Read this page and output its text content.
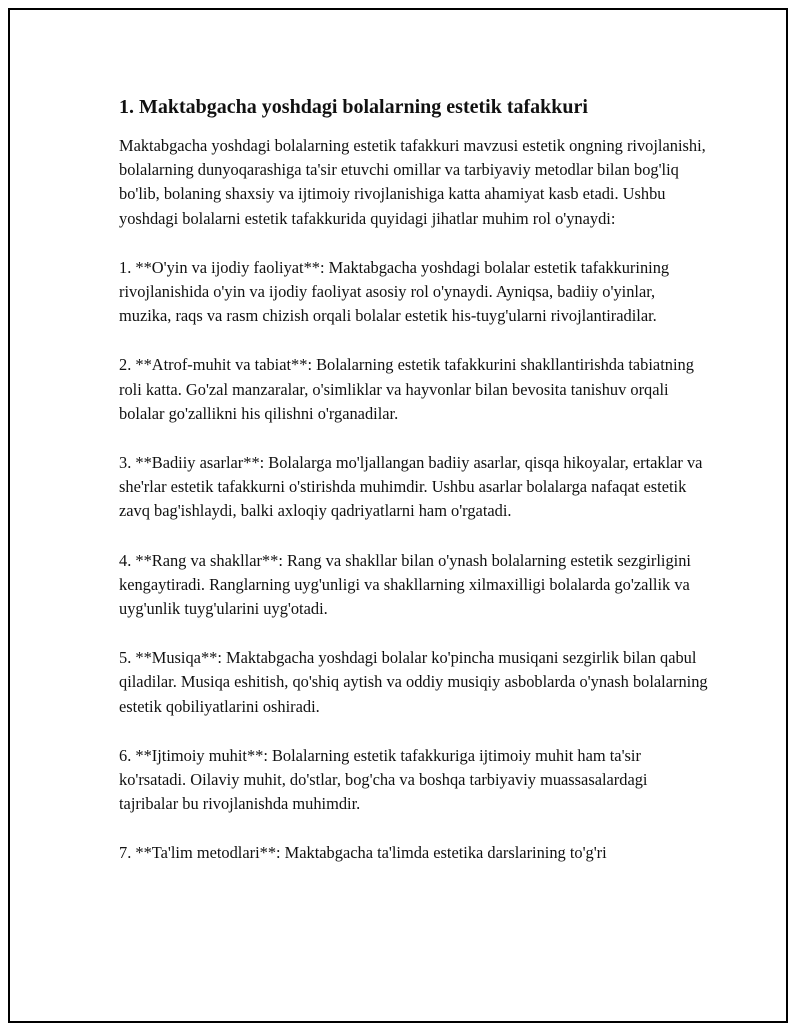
1. Maktabgacha yoshdagi bolalarning estetik tafakkuri

Maktabgacha yoshdagi bolalarning estetik tafakkuri mavzusi estetik ongning rivojlanishi, bolalarning dunyoqarashiga ta'sir etuvchi omillar va tarbiyaviy metodlar bilan bog'liq bo'lib, bolaning shaxsiy va ijtimoiy rivojlanishiga katta ahamiyat kasb etadi. Ushbu yoshdagi bolalarni estetik tafakkurida quyidagi jihatlar muhim rol o'ynaydi:

1. **O'yin va ijodiy faoliyat**: Maktabgacha yoshdagi bolalar estetik tafakkurining rivojlanishida o'yin va ijodiy faoliyat asosiy rol o'ynaydi. Ayniqsa, badiiy o'yinlar, muzika, raqs va rasm chizish orqali bolalar estetik his-tuyg'ularni rivojlantiradilar.

2. **Atrof-muhit va tabiat**: Bolalarning estetik tafakkurini shakllantirishda tabiatning roli katta. Go'zal manzaralar, o'simliklar va hayvonlar bilan bevosita tanishuv orqali bolalar go'zallikni his qilishni o'rganadilar.

3. **Badiiy asarlar**: Bolalarga mo'ljallangan badiiy asarlar, qisqa hikoyalar, ertaklar va she'rlar estetik tafakkurni o'stirishda muhimdir. Ushbu asarlar bolalarga nafaqat estetik zavq bag'ishlaydi, balki axloqiy qadriyatlarni ham o'rgatadi.

4. **Rang va shakllar**: Rang va shakllar bilan o'ynash bolalarning estetik sezgirligini kengaytiradi. Ranglarning uyg'unligi va shakllarning xilmaxilligi bolalarda go'zallik va uyg'unlik tuyg'ularini uyg'otadi.

5. **Musiqa**: Maktabgacha yoshdagi bolalar ko'pincha musiqani sezgirlik bilan qabul qiladilar. Musiqa eshitish, qo'shiq aytish va oddiy musiqiy asboblarda o'ynash bolalarning estetik qobiliyatlarini oshiradi.

6. **Ijtimoiy muhit**: Bolalarning estetik tafakkuriga ijtimoiy muhit ham ta'sir ko'rsatadi. Oilaviy muhit, do'stlar, bog'cha va boshqa tarbiyaviy muassasalardagi tajribalar bu rivojlanishda muhimdir.

7. **Ta'lim metodlari**: Maktabgacha ta'limda estetika darslarining to'g'ri
